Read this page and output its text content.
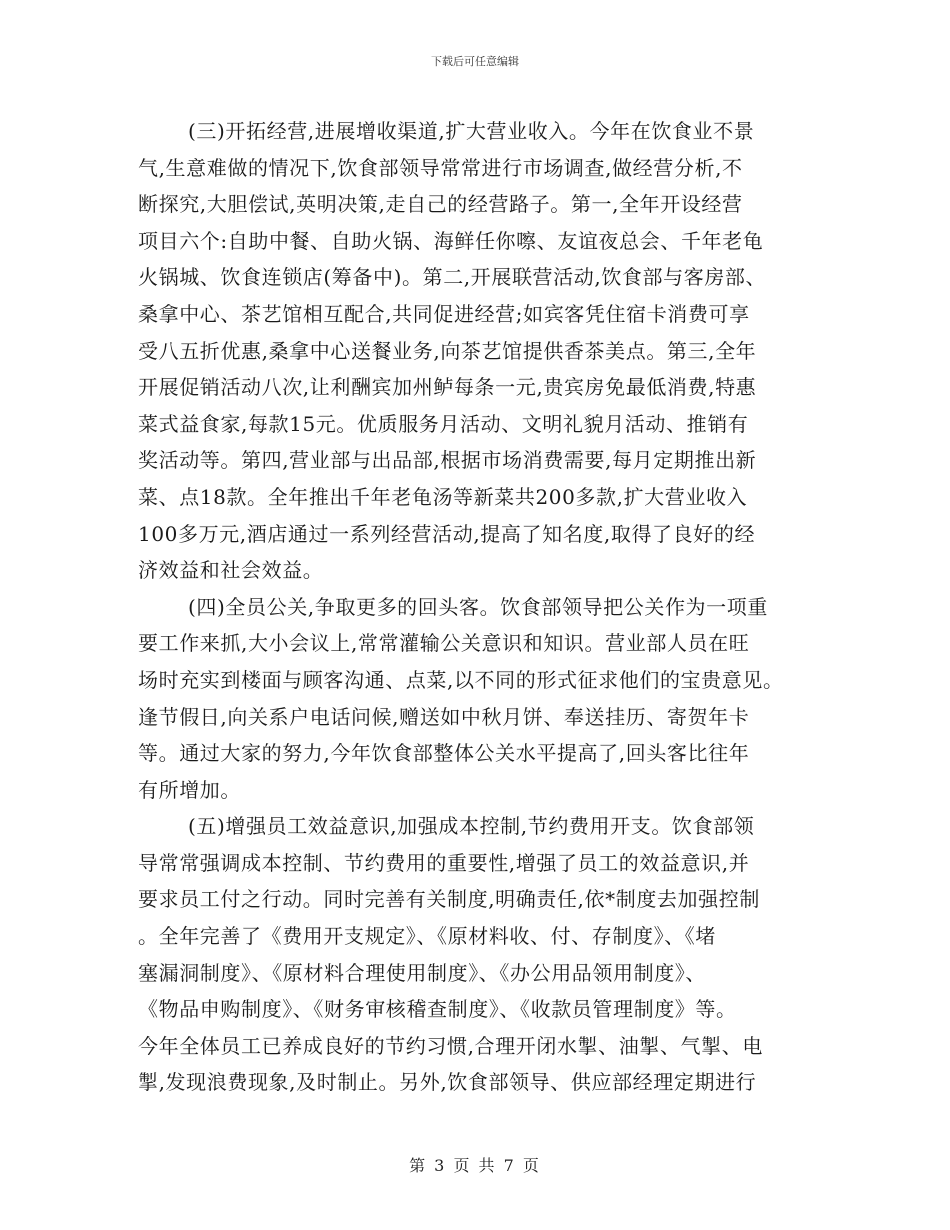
下载后可任意编辑
(三)开拓经营,进展增收渠道,扩大营业收入。今年在饮食业不景
气,生意难做的情况下,饮食部领导常常进行市场调查,做经营分析,不
断探究,大胆偿试,英明决策,走自己的经营路子。第一,全年开设经营
项目六个:自助中餐、自助火锅、海鲜任你嚓、友谊夜总会、千年老龟
火锅城、饮食连锁店(筹备中)。第二,开展联营活动,饮食部与客房部、
桑拿中心、茶艺馆相互配合,共同促进经营;如宾客凭住宿卡消费可享
受八五折优惠,桑拿中心送餐业务,向茶艺馆提供香茶美点。第三,全年
开展促销活动八次,让利酬宾加州鲈每条一元,贵宾房免最低消费,特惠
菜式益食家,每款15元。优质服务月活动、文明礼貌月活动、推销有
奖活动等。第四,营业部与出品部,根据市场消费需要,每月定期推出新
菜、点18款。全年推出千年老龟汤等新菜共200多款,扩大营业收入
100多万元,酒店通过一系列经营活动,提高了知名度,取得了良好的经
济效益和社会效益。
(四)全员公关,争取更多的回头客。饮食部领导把公关作为一项重
要工作来抓,大小会议上,常常灌输公关意识和知识。营业部人员在旺
场时充实到楼面与顾客沟通、点菜,以不同的形式征求他们的宝贵意见。
逢节假日,向关系户电话问候,赠送如中秋月饼、奉送挂历、寄贺年卡
等。通过大家的努力,今年饮食部整体公关水平提高了,回头客比往年
有所增加。
(五)增强员工效益意识,加强成本控制,节约费用开支。饮食部领
导常常强调成本控制、节约费用的重要性,增强了员工的效益意识,并
要求员工付之行动。同时完善有关制度,明确责任,依*制度去加强控制
。全年完善了《费用开支规定》、《原材料收、付、存制度》、《堵
塞漏洞制度》、《原材料合理使用制度》、《办公用品领用制度》、
《物品申购制度》、《财务审核稽查制度》、《收款员管理制度》等。
今年全体员工已养成良好的节约习惯,合理开闭水掣、油掣、气掣、电
掣,发现浪费现象,及时制止。另外,饮食部领导、供应部经理定期进行
第 3 页 共 7 页
